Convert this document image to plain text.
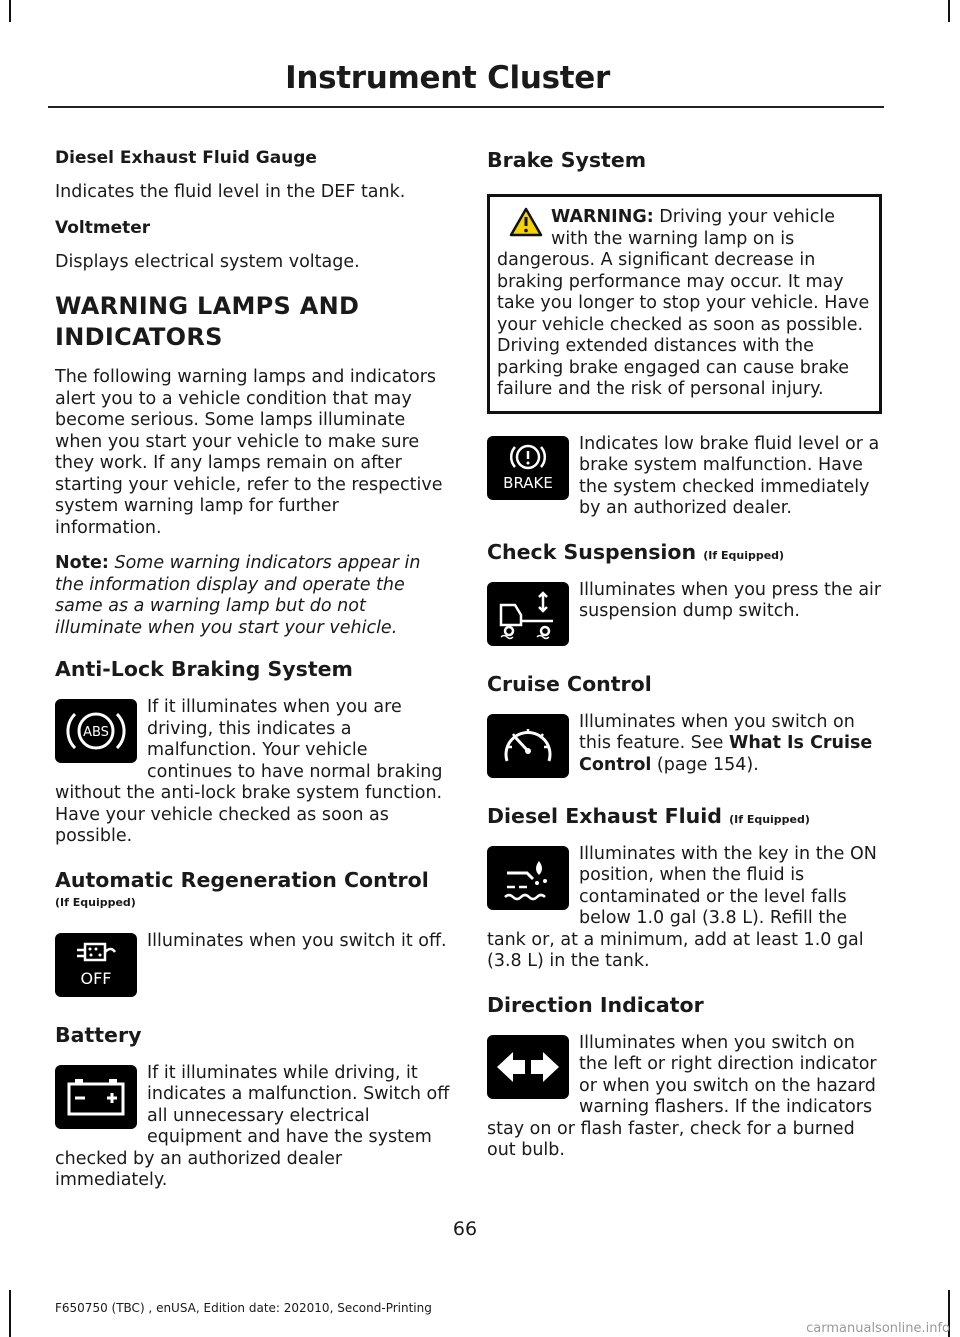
Instrument Cluster
Diesel Exhaust Fluid Gauge

Indicates the fluid level in the DEF tank.

Voltmeter

Displays electrical system voltage.

WARNING LAMPS AND INDICATORS

The following warning lamps and indicators alert you to a vehicle condition that may become serious. Some lamps illuminate when you start your vehicle to make sure they work. If any lamps remain on after starting your vehicle, refer to the respective system warning lamp for further information.

Note: Some warning indicators appear in the information display and operate the same as a warning lamp but do not illuminate when you start your vehicle.

Anti-Lock Braking System
ABS

If it illuminates when you are driving, this indicates a malfunction. Your vehicle continues to have normal braking without the anti-lock brake system function. Have your vehicle checked as soon as possible.

Automatic Regeneration Control
(If Equipped)
OFF

Illuminates when you switch it off.

Battery

If it illuminates while driving, it indicates a malfunction. Switch off all unnecessary electrical equipment and have the system checked by an authorized dealer immediately.

Brake System

WARNING: Driving your vehicle with the warning lamp on is dangerous. A significant decrease in braking performance may occur. It may take you longer to stop your vehicle. Have your vehicle checked as soon as possible. Driving extended distances with the parking brake engaged can cause brake failure and the risk of personal injury.

BRAKE

Indicates low brake fluid level or a brake system malfunction. Have the system checked immediately by an authorized dealer.

Check Suspension (If Equipped)

Illuminates when you press the air suspension dump switch.

Cruise Control

Illuminates when you switch on this feature. See What Is Cruise Control (page 154).

Diesel Exhaust Fluid (If Equipped)

Illuminates with the key in the ON position, when the fluid is contaminated or the level falls below 1.0 gal (3.8 L). Refill the tank or, at a minimum, add at least 1.0 gal (3.8 L) in the tank.

Direction Indicator

Illuminates when you switch on the left or right direction indicator or when you switch on the hazard warning flashers. If the indicators stay on or flash faster, check for a burned out bulb.

66
F650750 (TBC) , enUSA, Edition date: 202010, Second-Printing
carmanualsonline.info
